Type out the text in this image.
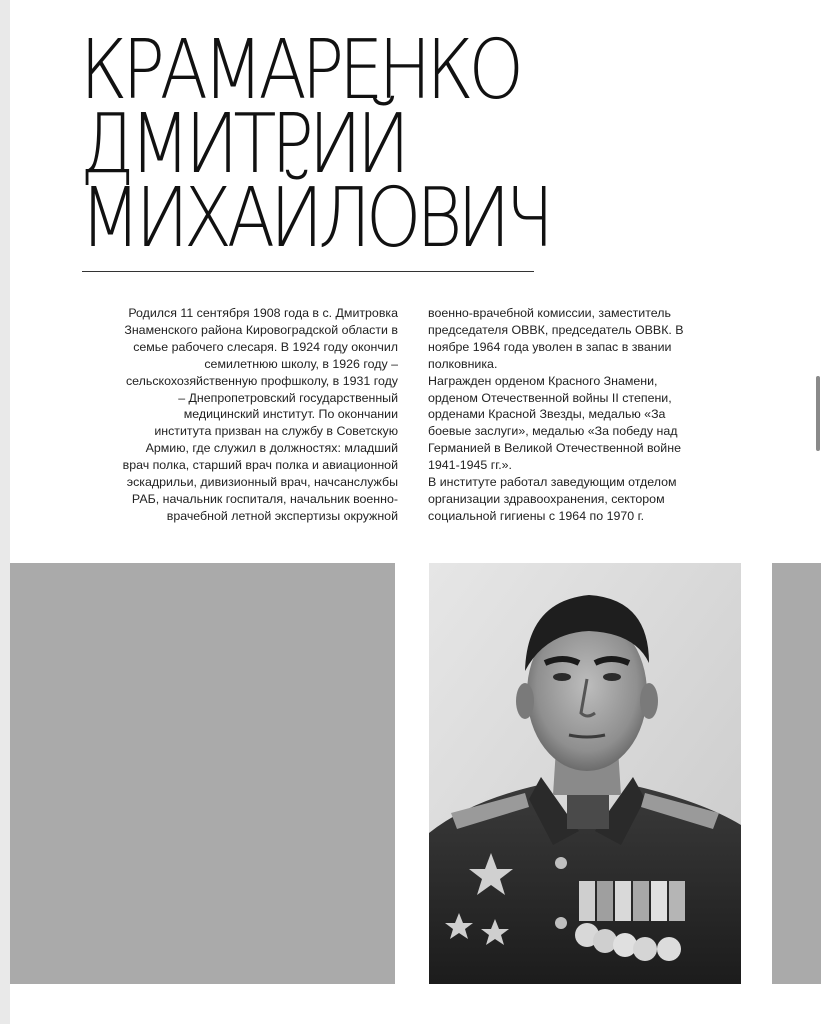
КРАМАРЕНКО
ДМИТРИЙ
МИХАЙЛОВИЧ

Родился 11 сентября 1908 года в с. Дмитровка

Знаменского района Кировоградской области в

семье рабочего слесаря. В 1924 году окончил

семилетнюю школу, в 1926 году –

сельскохозяйственную профшколу, в 1931 году

– Днепропетровский государственный

медицинский институт. По окончании

института призван на службу в Советскую

Армию, где служил в должностях: младший

врач полка, старший врач полка и авиационной

эскадрильи, дивизионный врач, начсанслужбы

РАБ, начальник госпиталя, начальник военно-

врачебной летной экспертизы окружной

военно-врачебной комиссии, заместитель

председателя ОВВК, председатель ОВВК. В

ноябре 1964 года уволен в запас в звании

полковника.

Награжден орденом Красного Знамени,

орденом Отечественной войны II степени,

орденами Красной Звезды, медалью «За

боевые заслуги», медалью «За победу над

Германией в Великой Отечественной войне

1941-1945 гг.».

В институте работал заведующим отделом

организации здравоохранения, сектором

социальной гигиены с 1964 по 1970 г.
